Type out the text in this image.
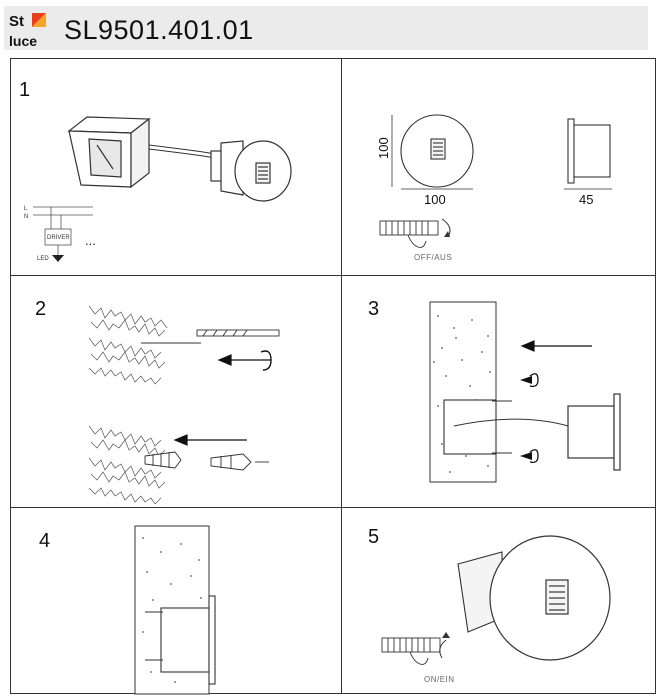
St
luce SL9501.401.01
1
L
N
DRIVER
LED
...
100
100	45
OFF/AUS
2	3
4	5
ON/EIN
